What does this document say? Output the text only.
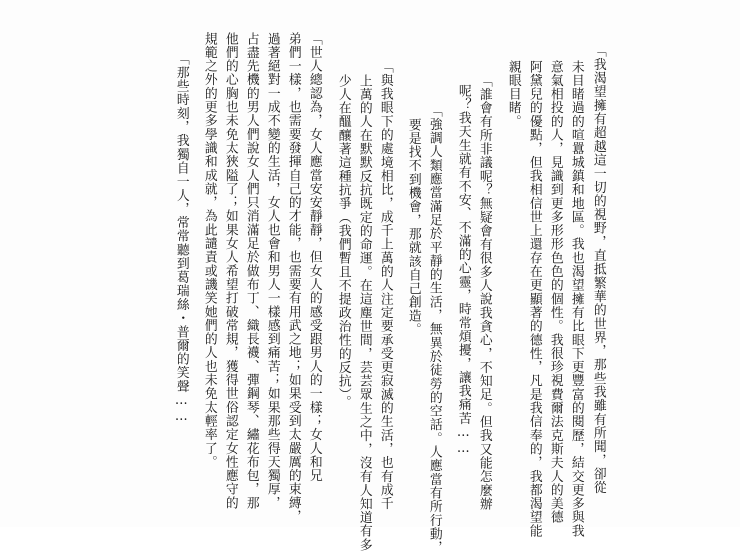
「我渴望擁有超越這一切的視野，直抵繁華的世界，那些我雖有所聞，卻從
未目睹過的喧囂城鎮和地區。我也渴望擁有比眼下更豐富的閱歷，結交更多與我
意氣相投的人，見識到更多形形色色的個性。我很珍視費爾法克斯夫人的美德
阿黛兒的優點，但我相信世上還存在更顯著的德性，凡是我信奉的，我都渴望能
親眼目睹。
「誰會有所非議呢？無疑會有很多人說我貪心，不知足。但我又能怎麼辦
呢？我天生就有不安、不滿的心靈，時常煩擾，讓我痛苦……
「強調人類應當滿足於平靜的生活，無異於徒勞的空話。人應當有所行動，
要是找不到機會，那就該自己創造。
「與我眼下的處境相比，成千上萬的人注定要承受更寂滅的生活，也有成千
上萬的人在默默反抗既定的命運。在這塵世間，芸芸眾生之中，沒有人知道有多
少人在醞釀著這種抗爭（我們暫且不提政治性的反抗）。
「世人總認為，女人應當安安靜靜，但女人的感受跟男人的一樣；女人和兄
弟們一樣，也需要發揮自己的才能，也需要有用武之地；如果受到太嚴厲的束縛，
過著絕對一成不變的生活，女人也會和男人一樣感到痛苦；如果那些得天獨厚，
占盡先機的男人們說女人們只消滿足於做布丁、織長襪、彈鋼琴、繡花布包，那
他們的心胸也未免太狹隘了；如果女人希望打破常規，獲得世俗認定女性應守的
規範之外的更多學識和成就，為此譴責或譏笑她們的人也未免太輕率了。
「那些時刻，我獨自一人，常常聽到葛瑞絲・普爾的笑聲……
